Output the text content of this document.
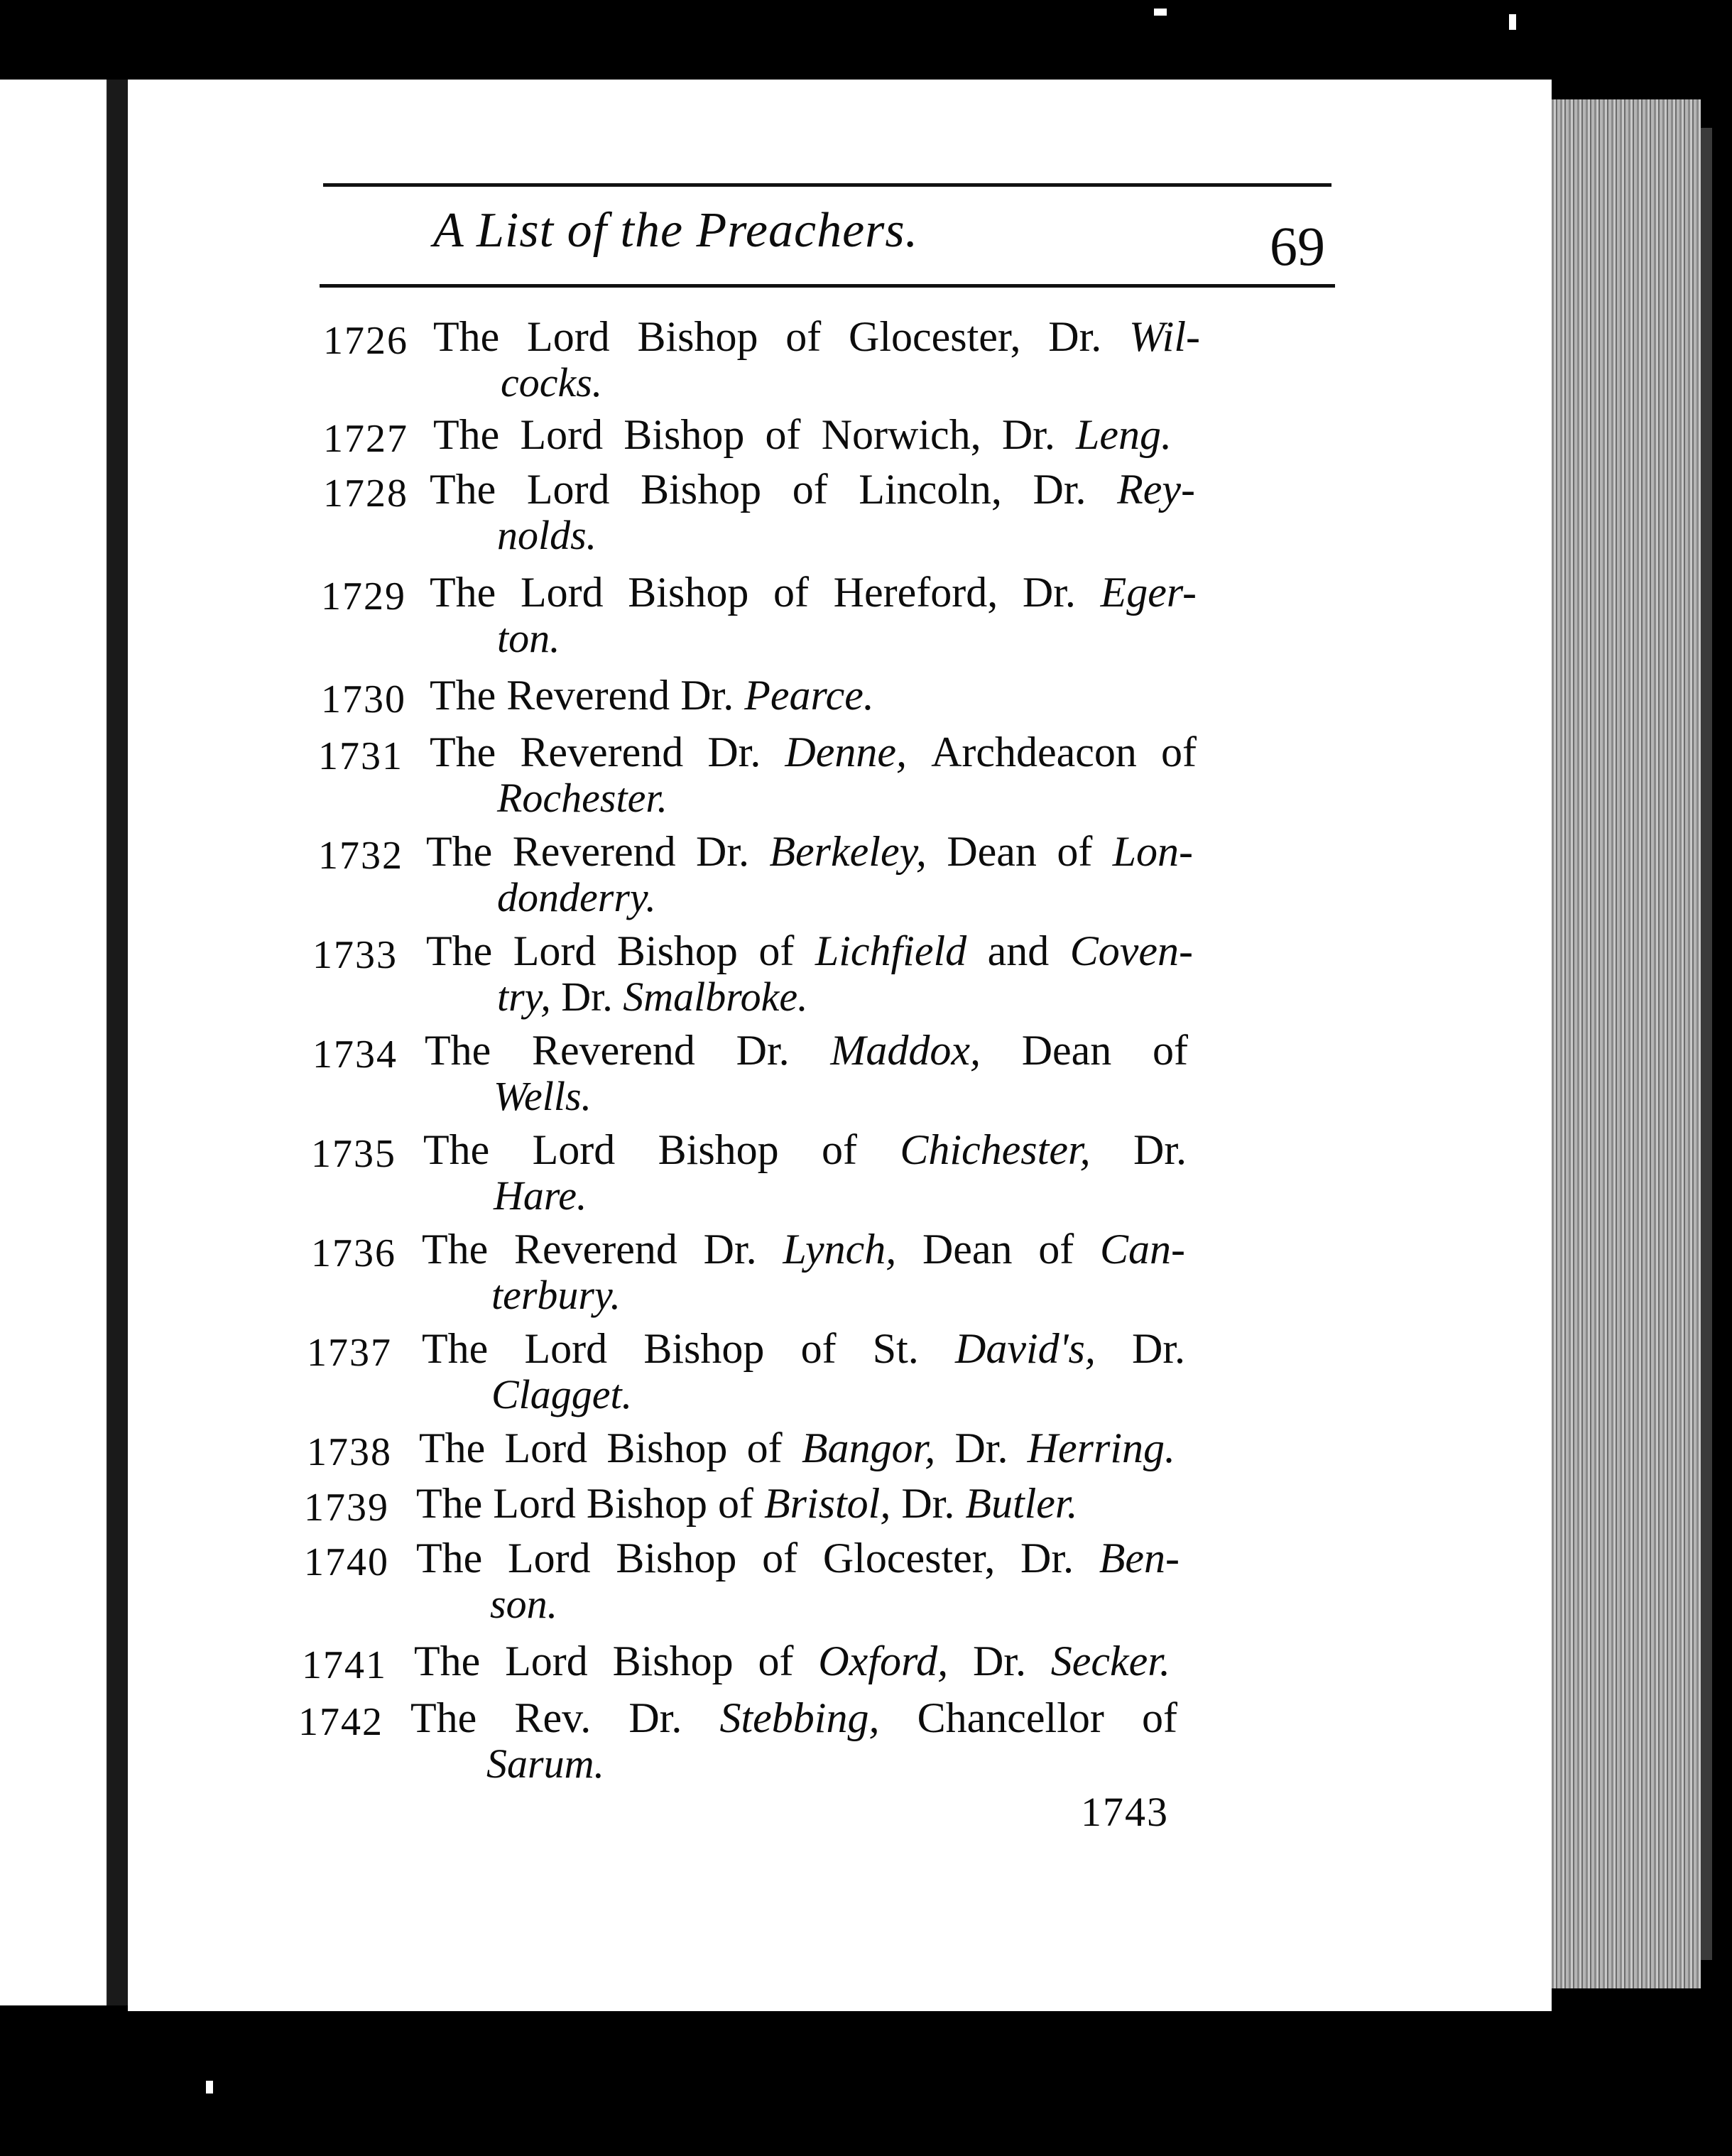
A List of the Preachers.	69
1726 The Lord Bishop of Glocester, Dr. Wil-
cocks.
1727 The Lord Bishop of Norwich, Dr. Leng.
1728 The Lord Bishop of Lincoln, Dr. Rey-
nolds.
1729 The Lord Bishop of Hereford, Dr. Eger-
ton.
1730 The Reverend Dr. Pearce.
1731 The Reverend Dr. Denne, Archdeacon of
Rochester.
1732 The Reverend Dr. Berkeley, Dean of Lon-
donderry.
1733 The Lord Bishop of Lichfield and Coven-
try, Dr. Smalbroke.
1734 The Reverend Dr. Maddox, Dean of
Wells.
1735 The Lord Bishop of Chichester, Dr.
Hare.
1736 The Reverend Dr. Lynch, Dean of Can-
terbury.
1737 The Lord Bishop of St. David's, Dr.
Clagget.
1738 The Lord Bishop of Bangor, Dr. Herring.
1739 The Lord Bishop of Bristol, Dr. Butler.
1740 The Lord Bishop of Glocester, Dr. Ben-
son.
1741 The Lord Bishop of Oxford, Dr. Secker.
1742 The Rev. Dr. Stebbing, Chancellor of
Sarum.
1743
